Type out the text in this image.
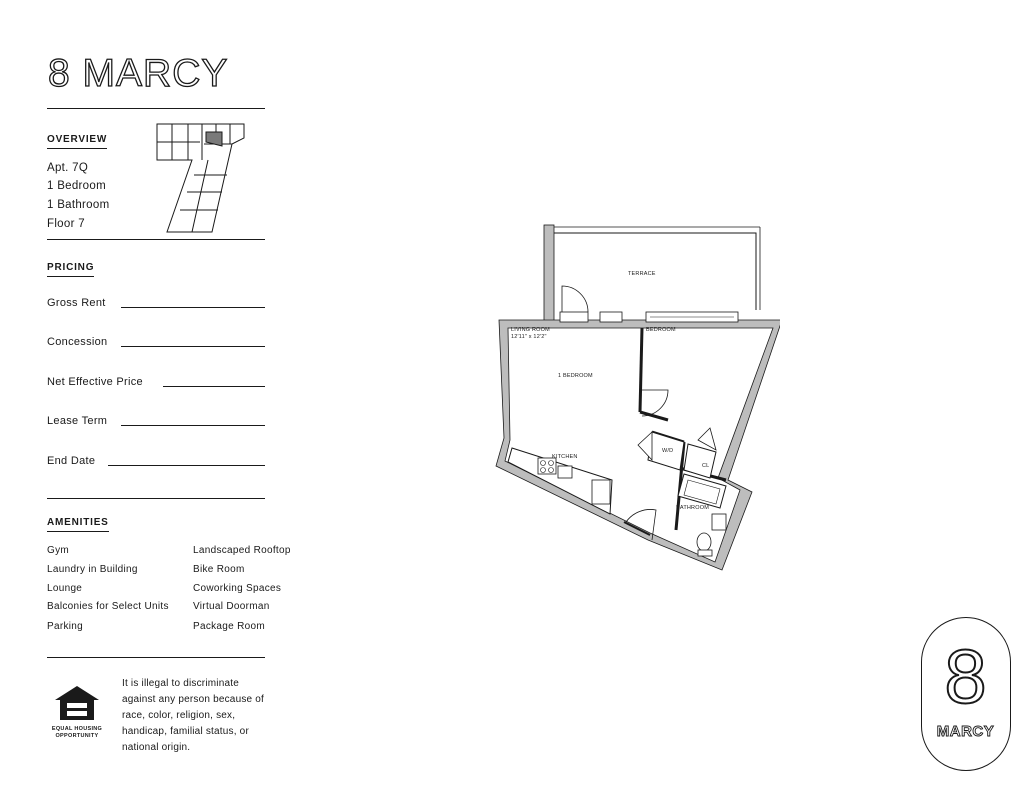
8 MARCY
OVERVIEW
Apt. 7Q
1 Bedroom
1 Bathroom
Floor 7
PRICING
Gross Rent
Concession
Net Effective Price
Lease Term
End Date
AMENITIES
Gym
Laundry in Building
Lounge
Balconies for Select Units
Parking
Landscaped Rooftop
Bike Room
Coworking Spaces
Virtual Doorman
Package Room
EQUAL HOUSING OPPORTUNITY
It is illegal to discriminate against any person because of race, color, religion, sex, handicap, familial status, or national origin.
TERRACE
LIVING ROOM
12'11" x 12'2"
BEDROOM
1 BEDROOM
KITCHEN
W/D
CL
BATHROOM
8
MARCY
